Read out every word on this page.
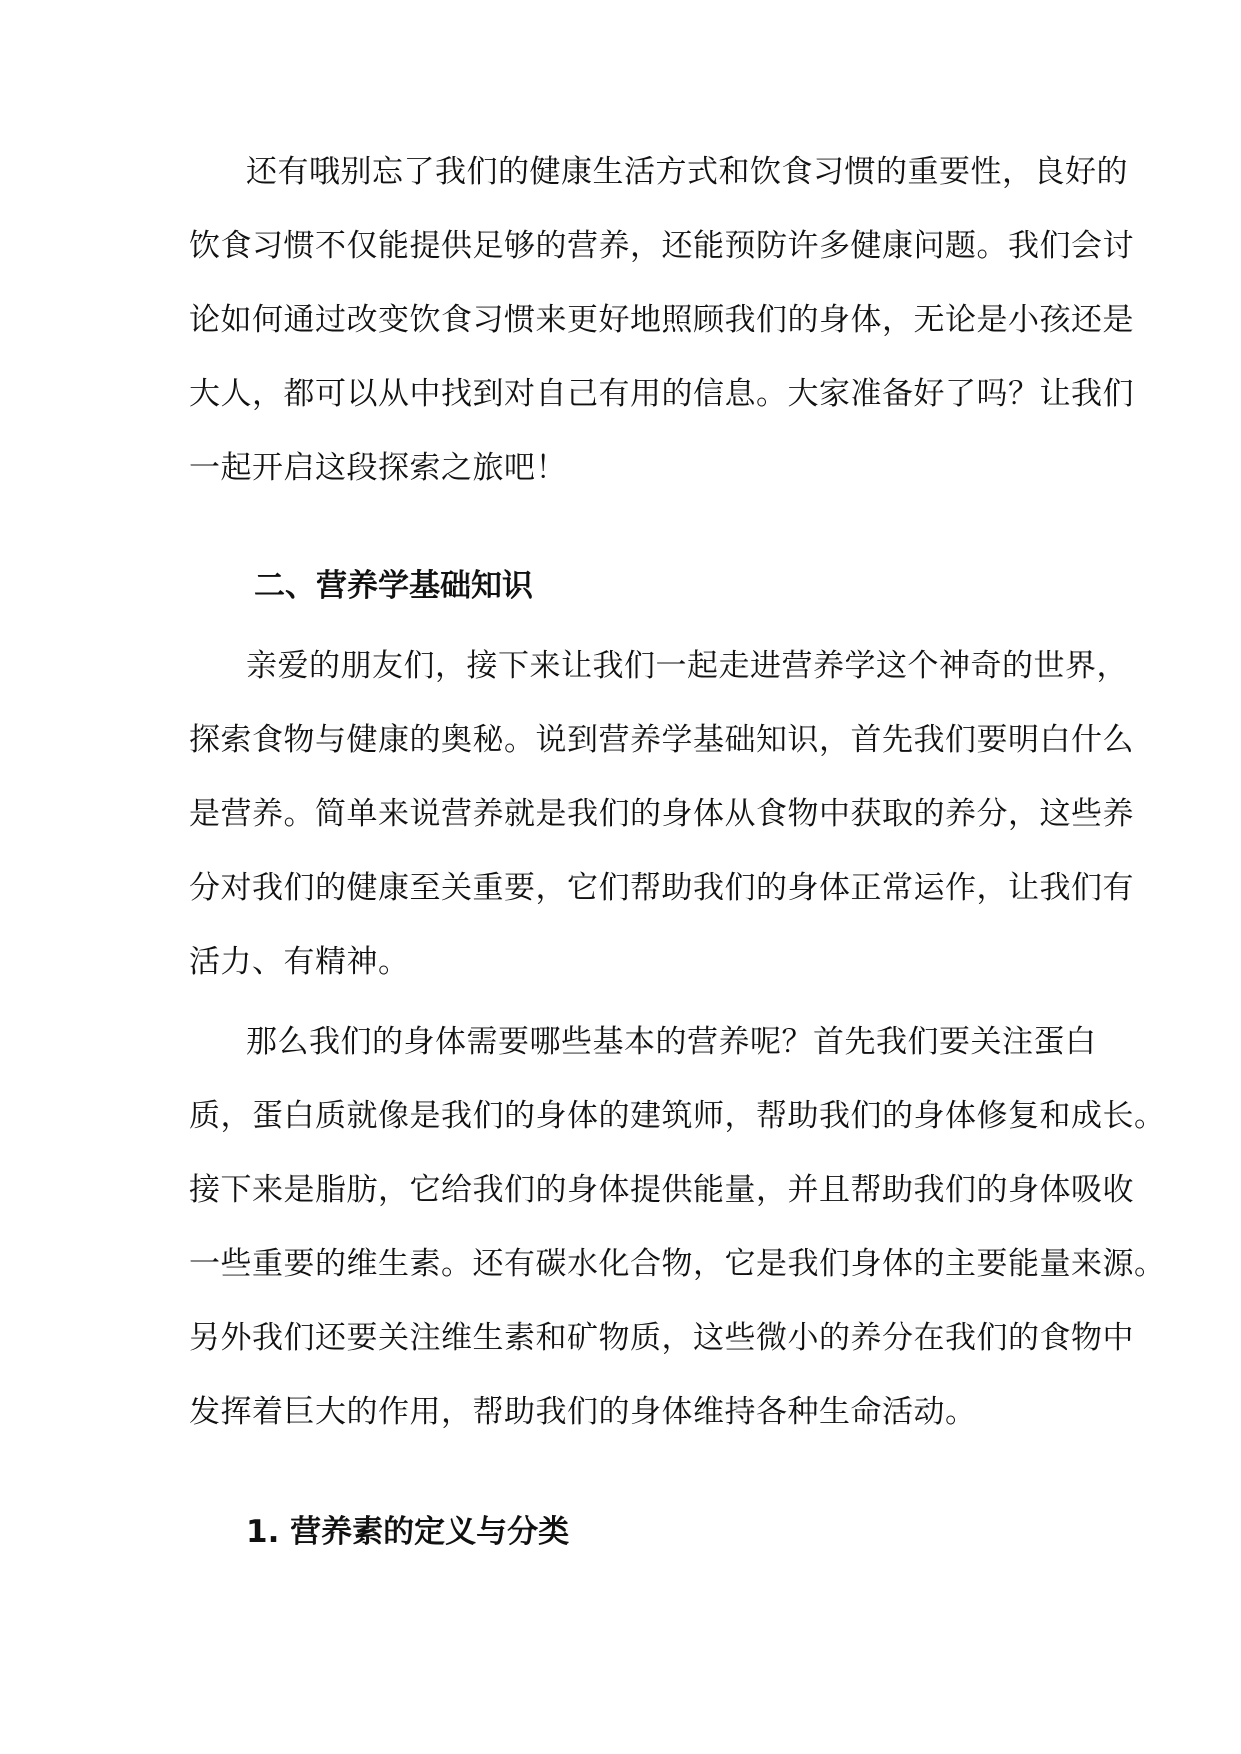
还有哦别忘了我们的健康生活方式和饮食习惯的重要性，良好的
饮食习惯不仅能提供足够的营养，还能预防许多健康问题。我们会讨
论如何通过改变饮食习惯来更好地照顾我们的身体，无论是小孩还是
大人，都可以从中找到对自己有用的信息。大家准备好了吗？让我们
一起开启这段探索之旅吧！
二、营养学基础知识
亲爱的朋友们，接下来让我们一起走进营养学这个神奇的世界，
探索食物与健康的奥秘。说到营养学基础知识，首先我们要明白什么
是营养。简单来说营养就是我们的身体从食物中获取的养分，这些养
分对我们的健康至关重要，它们帮助我们的身体正常运作，让我们有
活力、有精神。
那么我们的身体需要哪些基本的营养呢？首先我们要关注蛋白
质，蛋白质就像是我们的身体的建筑师，帮助我们的身体修复和成长。
接下来是脂肪，它给我们的身体提供能量，并且帮助我们的身体吸收
一些重要的维生素。还有碳水化合物，它是我们身体的主要能量来源。
另外我们还要关注维生素和矿物质，这些微小的养分在我们的食物中
发挥着巨大的作用，帮助我们的身体维持各种生命活动。
1. 营养素的定义与分类
